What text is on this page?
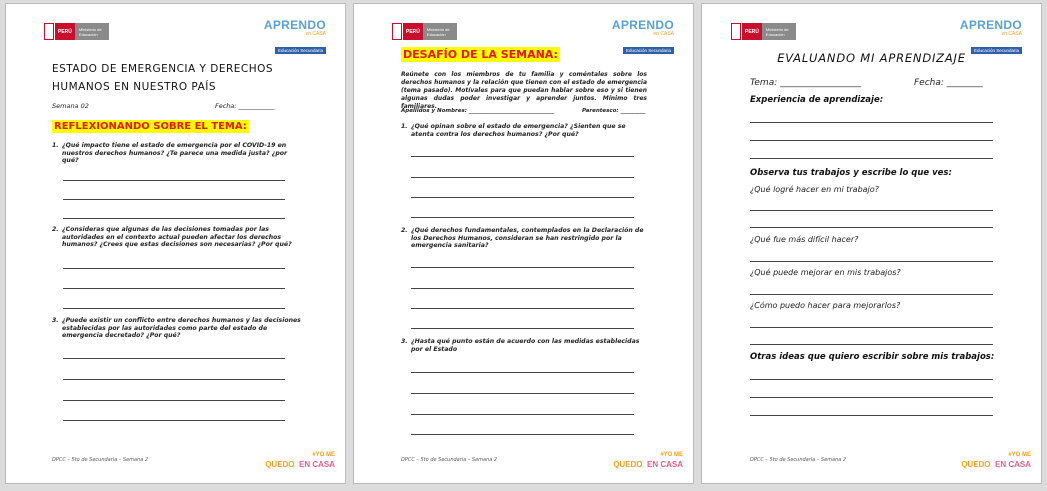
PERÚ	Ministerio de Educación
APRENDO
en CASA
Educación Secundaria
ESTADO DE EMERGENCIA Y DERECHOS
HUMANOS EN NUESTRO PAÍS
Semana 02	Fecha: ___________
REFLEXIONANDO SOBRE EL TEMA:
1. ¿Qué impacto tiene el estado de emergencia por el COVID-19 en nuestros derechos humanos? ¿Te parece una medida justa? ¿por qué?
2. ¿Consideras que algunas de las decisiones tomadas por las autoridades en el contexto actual pueden afectar los derechos humanos? ¿Crees que estas decisiones son necesarias? ¿Por qué?
3. ¿Puede existir un conflicto entre derechos humanos y las decisiones establecidas por las autoridades como parte del estado de emergencia decretado? ¿Por qué?
DPCC – 5to de Secundaria – Semana 2
#YO ME
QUEDO EN CASA
PERÚ	Ministerio de Educación
APRENDO
en CASA
Educación Secundaria
DESAFÍO DE LA SEMANA:
Reúnete con los miembros de tu familia y coméntales sobre los derechos humanos y la relación que tienen con el estado de emergencia (tema pasado). Motívales para que puedan hablar sobre eso y si tienen algunas dudas poder investigar y aprender juntos. Mínimo tres familiares.
Apellidos y Nombres: _______________________________	Parentesco: _________
1. ¿Qué opinan sobre el estado de emergencia? ¿Sienten que se atenta contra los derechos humanos? ¿Por qué?
2. ¿Qué derechos fundamentales, contemplados en la Declaración de los Derechos Humanos, consideran se han restringido por la emergencia sanitaria?
3. ¿Hasta qué punto están de acuerdo con las medidas establecidas por el Estado
DPCC – 5to de Secundaria – Semana 2
#YO ME
QUEDO EN CASA
PERÚ	Ministerio de Educación
APRENDO
en CASA
Educación Secundaria
EVALUANDO MI APRENDIZAJE
Tema: __________________	Fecha: ________
Experiencia de aprendizaje:
Observa tus trabajos y escribe lo que ves:
¿Qué logré hacer en mi trabajo?
¿Qué fue más difícil hacer?
¿Qué puede mejorar en mis trabajos?
¿Cómo puedo hacer para mejorarlos?
Otras ideas que quiero escribir sobre mis trabajos:
DPCC – 5to de Secundaria – Semana 2
#YO ME
QUEDO EN CASA
